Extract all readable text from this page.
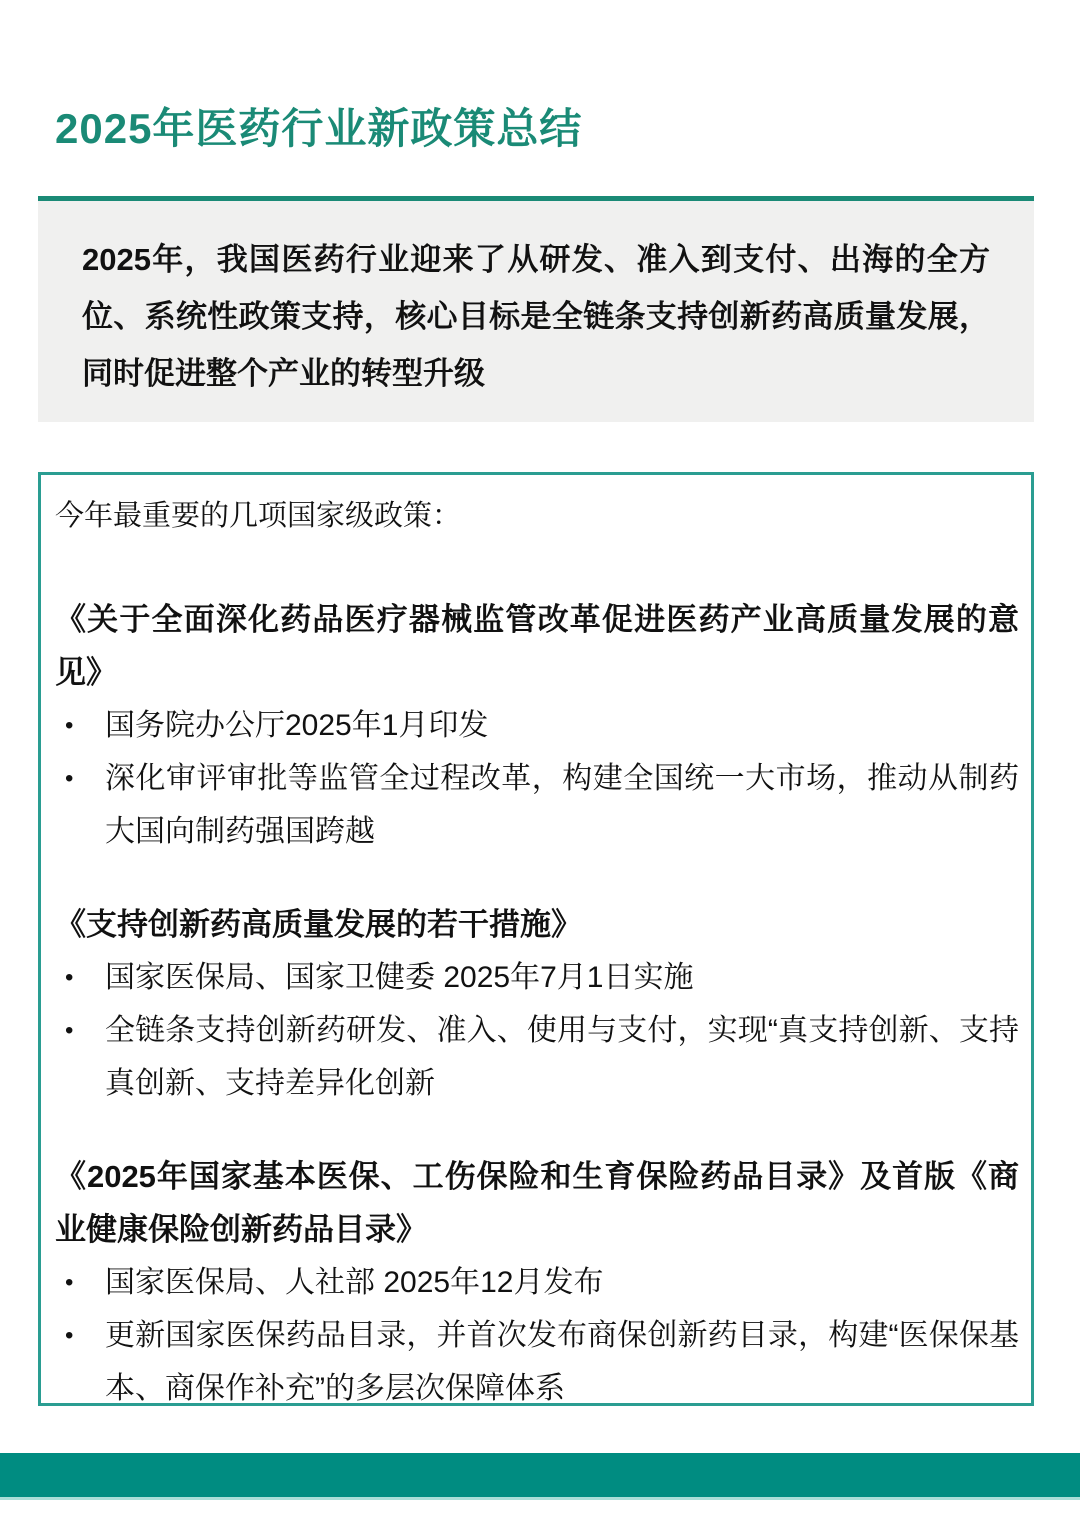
2025年医药行业新政策总结

2025年，我国医药行业迎来了从研发、准入到支付、出海的全方位、系统性政策支持，核心目标是全链条支持创新药高质量发展，同时促进整个产业的转型升级

今年最重要的几项国家级政策：

《关于全面深化药品医疗器械监管改革促进医药产业高质量发展的意见》
•	国务院办公厅2025年1月印发

•	深化审评审批等监管全过程改革，构建全国统一大市场，推动从制药大国向制药强国跨越

《支持创新药高质量发展的若干措施》
•	国家医保局、国家卫健委 2025年7月1日实施

•	全链条支持创新药研发、准入、使用与支付，实现“真支持创新、支持真创新、支持差异化创新

《2025年国家基本医保、工伤保险和生育保险药品目录》及首版《商业健康保险创新药品目录》
•	国家医保局、人社部 2025年12月发布

•	更新国家医保药品目录，并首次发布商保创新药目录，构建“医保保基本、商保作补充”的多层次保障体系
